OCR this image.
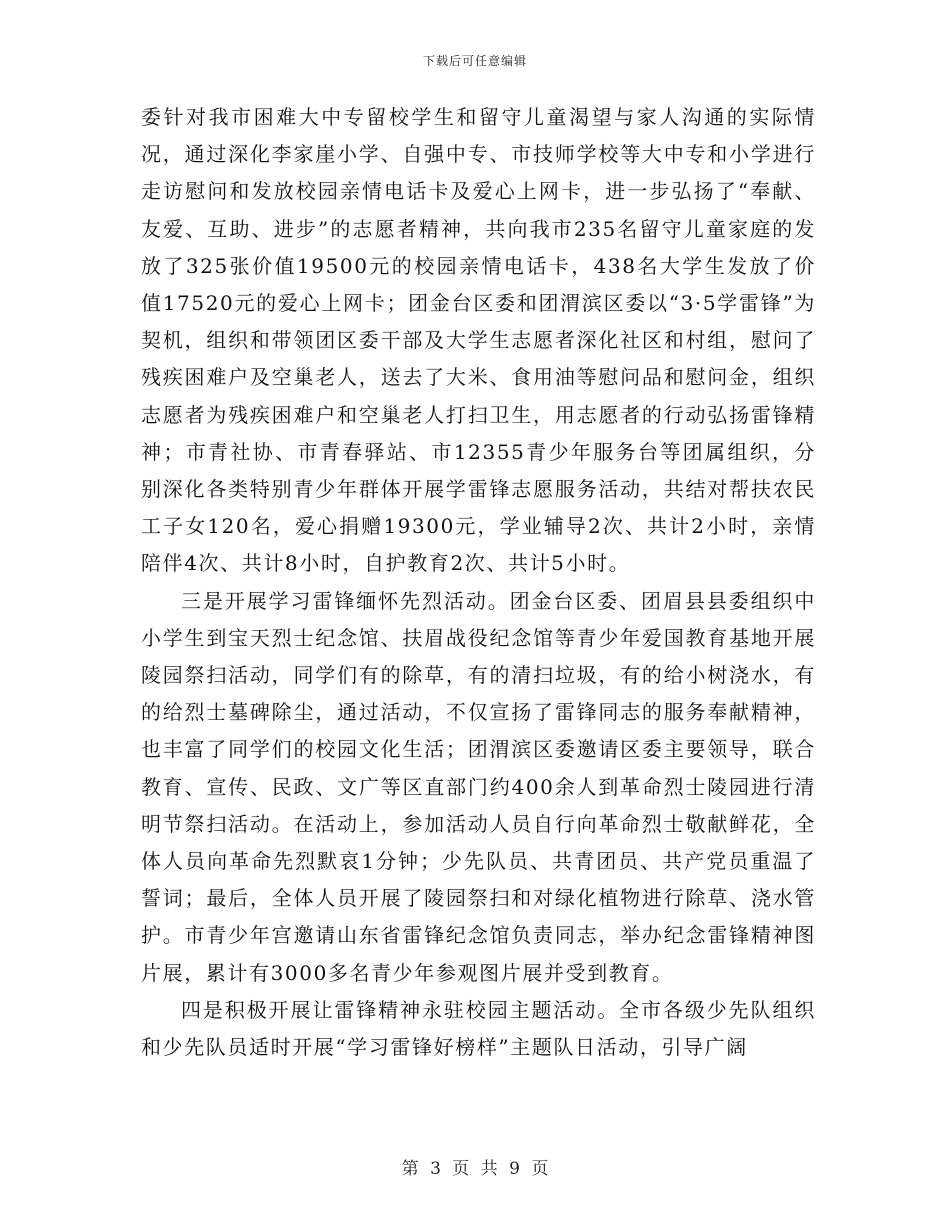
下载后可任意编辑

委针对我市困难大中专留校学生和留守儿童渴望与家人沟通的实际情况，通过深化李家崖小学、自强中专、市技师学校等大中专和小学进行走访慰问和发放校园亲情电话卡及爱心上网卡，进一步弘扬了“奉献、友爱、互助、进步”的志愿者精神，共向我市235名留守儿童家庭的发放了325张价值19500元的校园亲情电话卡，438名大学生发放了价值17520元的爱心上网卡；团金台区委和团渭滨区委以“3·5学雷锋”为契机，组织和带领团区委干部及大学生志愿者深化社区和村组，慰问了残疾困难户及空巢老人，送去了大米、食用油等慰问品和慰问金，组织志愿者为残疾困难户和空巢老人打扫卫生，用志愿者的行动弘扬雷锋精神；市青社协、市青春驿站、市12355青少年服务台等团属组织，分别深化各类特别青少年群体开展学雷锋志愿服务活动，共结对帮扶农民工子女120名，爱心捐赠19300元，学业辅导2次、共计2小时，亲情陪伴4次、共计8小时，自护教育2次、共计5小时。

三是开展学习雷锋缅怀先烈活动。团金台区委、团眉县县委组织中小学生到宝天烈士纪念馆、扶眉战役纪念馆等青少年爱国教育基地开展陵园祭扫活动，同学们有的除草，有的清扫垃圾，有的给小树浇水，有的给烈士墓碑除尘，通过活动，不仅宣扬了雷锋同志的服务奉献精神，也丰富了同学们的校园文化生活；团渭滨区委邀请区委主要领导，联合教育、宣传、民政、文广等区直部门约400余人到革命烈士陵园进行清明节祭扫活动。在活动上，参加活动人员自行向革命烈士敬献鲜花，全体人员向革命先烈默哀1分钟；少先队员、共青团员、共产党员重温了誓词；最后，全体人员开展了陵园祭扫和对绿化植物进行除草、浇水管护。市青少年宫邀请山东省雷锋纪念馆负责同志，举办纪念雷锋精神图片展，累计有3000多名青少年参观图片展并受到教育。

四是积极开展让雷锋精神永驻校园主题活动。全市各级少先队组织和少先队员适时开展“学习雷锋好榜样”主题队日活动，引导广阔

第 3 页 共 9 页
